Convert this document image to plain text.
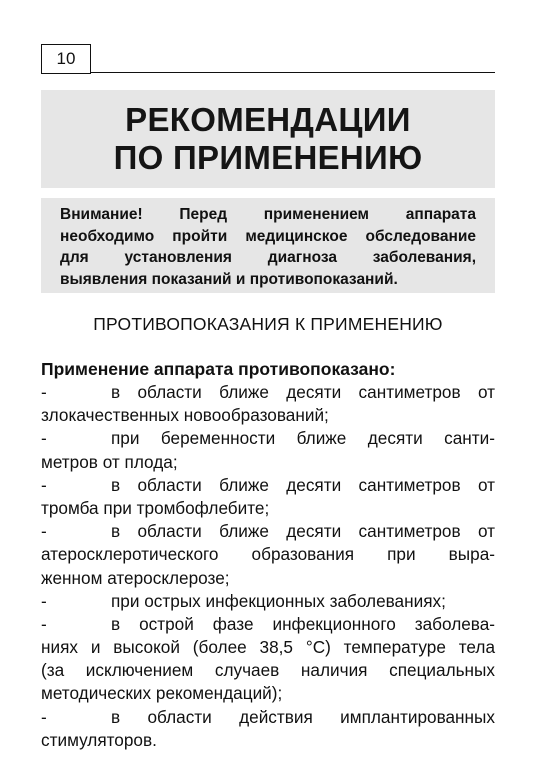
10
РЕКОМЕНДАЦИИ
ПО ПРИМЕНЕНИЮ
Внимание! Перед применением аппарата
необходимо пройти медицинское обследование
для установления диагноза заболевания,
выявления показаний и противопоказаний.
ПРОТИВОПОКАЗАНИЯ К ПРИМЕНЕНИЮ
Применение аппарата противопоказано:
-	в области ближе десяти сантиметров от
злокачественных новообразований;
-	при беременности ближе десяти санти-
метров от плода;
-	в области ближе десяти сантиметров от
тромба при тромбофлебите;
-	в области ближе десяти сантиметров от
атеросклеротического образования при выра-
женном атеросклерозе;
-	при острых инфекционных заболеваниях;
-	в острой фазе инфекционного заболева-
ниях и высокой (более 38,5 °С) температуре тела
(за исключением случаев наличия специальных
методических рекомендаций);
-	в области действия имплантированных
стимуляторов.
